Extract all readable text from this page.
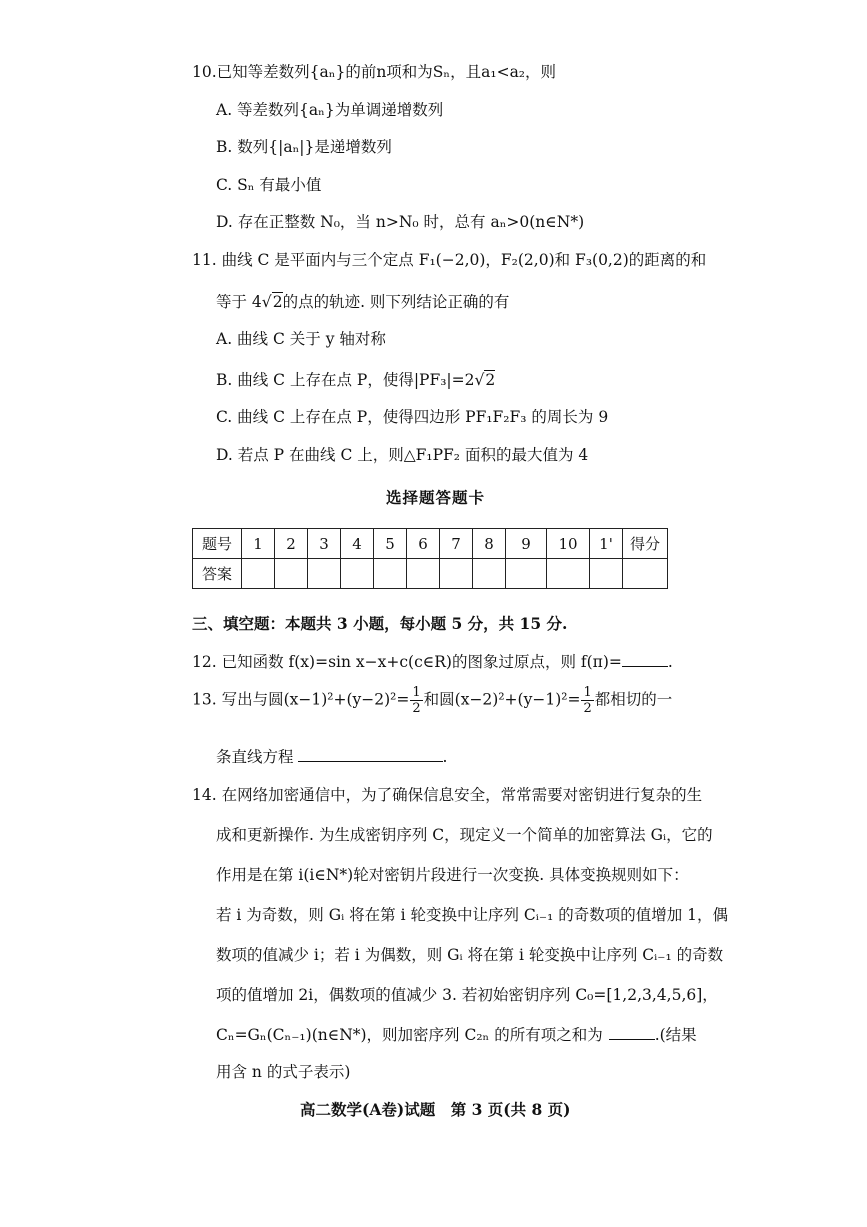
10.已知等差数列{aₙ}的前n项和为Sₙ，且a₁<a₂，则
A. 等差数列{aₙ}为单调递增数列
B. 数列{|aₙ|}是递增数列
C. Sₙ 有最小值
D. 存在正整数 N₀，当 n>N₀ 时，总有 aₙ>0(n∈N*)
11. 曲线 C 是平面内与三个定点 F₁(−2,0)，F₂(2,0)和 F₃(0,2)的距离的和
等于 4√2的点的轨迹. 则下列结论正确的有
A. 曲线 C 关于 y 轴对称
B. 曲线 C 上存在点 P，使得|PF₃|=2√2
C. 曲线 C 上存在点 P，使得四边形 PF₁F₂F₃ 的周长为 9
D. 若点 P 在曲线 C 上，则△F₁PF₂ 面积的最大值为 4
选择题答题卡
题号	1	2	3	4	5	6	7	8	9	10	1'	得分
答案												
三、填空题：本题共 3 小题，每小题 5 分，共 15 分.
12. 已知函数 f(x)=sin x−x+c(c∈R)的图象过原点，则 f(π)=	.
13. 写出与圆$(x-1)^2+(y-2)^2= \frac{1}{2}$ 和圆$(x-2)^2+(y-1)^2= \frac{1}{2}$ 都相切的一
条直线方程	.
14. 在网络加密通信中，为了确保信息安全，常常需要对密钥进行复杂的生
成和更新操作. 为生成密钥序列 C，现定义一个简单的加密算法 Gᵢ，它的
作用是在第 i(i∈N*)轮对密钥片段进行一次变换. 具体变换规则如下：
若 i 为奇数，则 Gᵢ 将在第 i 轮变换中让序列 Cᵢ₋₁ 的奇数项的值增加 1，偶
数项的值减少 i；若 i 为偶数，则 Gᵢ 将在第 i 轮变换中让序列 Cᵢ₋₁ 的奇数
项的值增加 2i，偶数项的值减少 3. 若初始密钥序列 C₀=[1,2,3,4,5,6]，
Cₙ=Gₙ(Cₙ₋₁)(n∈N*)，则加密序列 C₂ₙ 的所有项之和为	.(结果
用含 n 的式子表示)
高二数学(A卷)试题　第 3 页(共 8 页)
